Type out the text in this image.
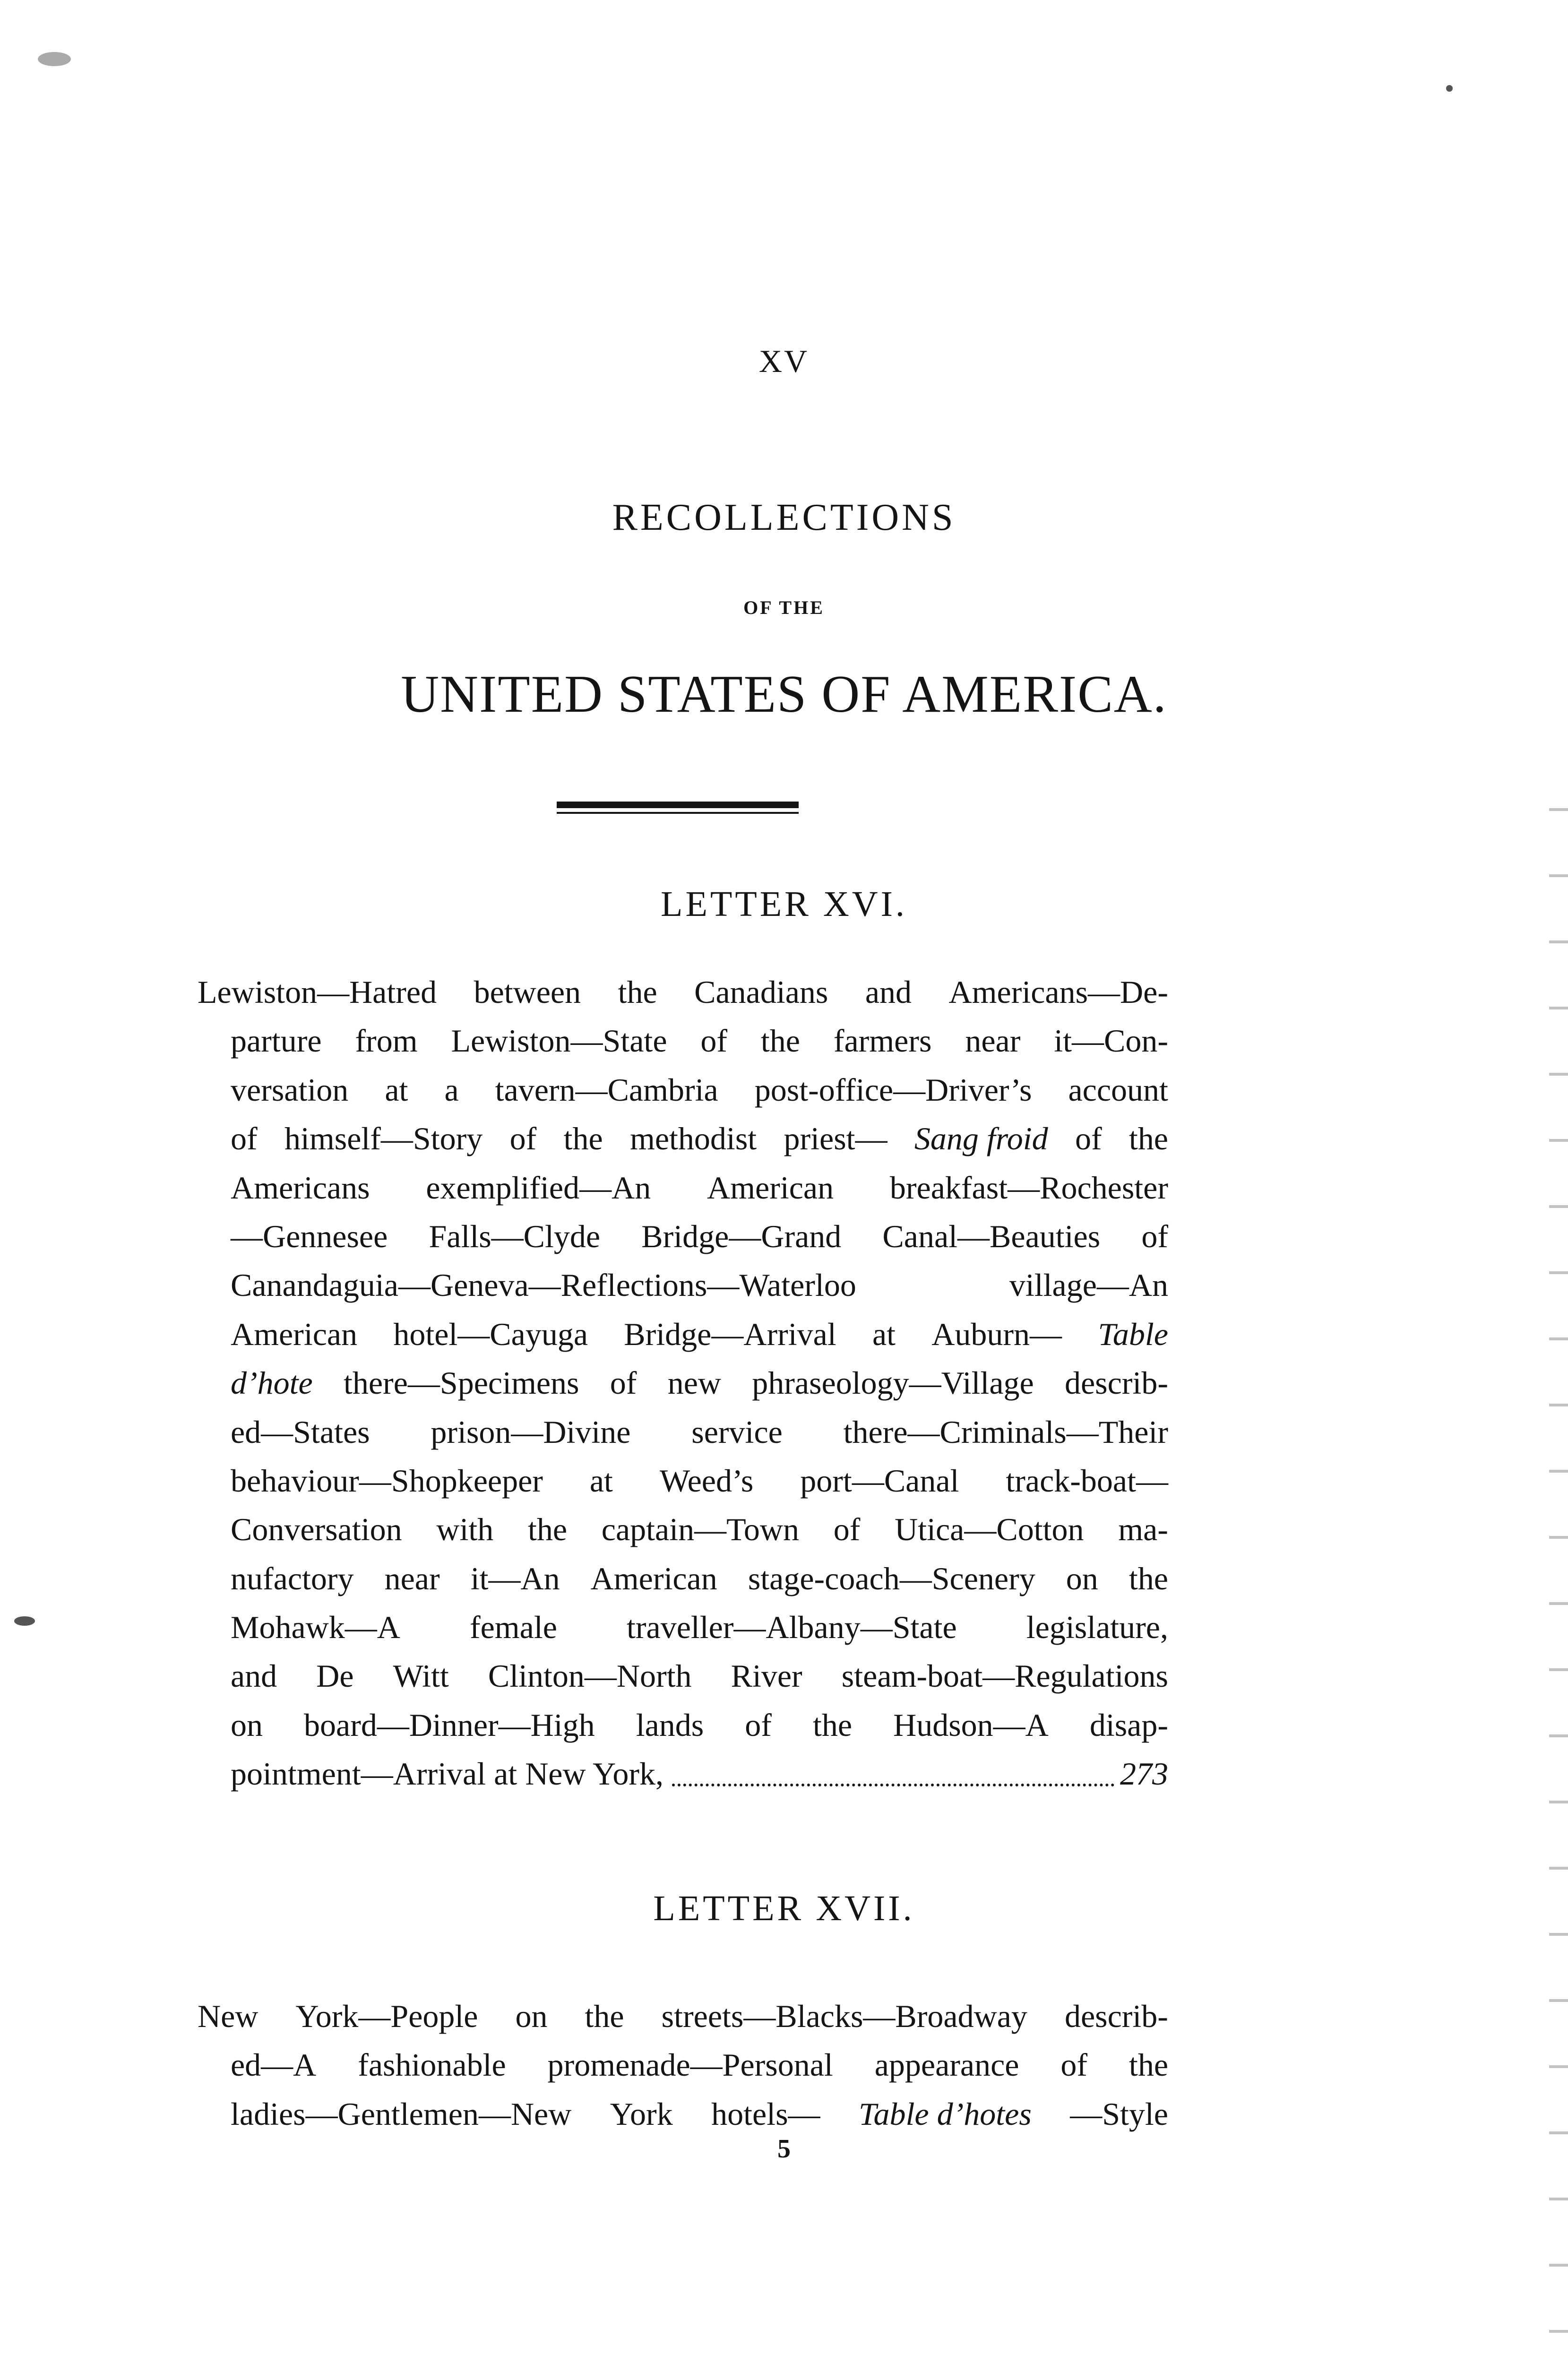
XV
RECOLLECTIONS
OF THE
UNITED STATES OF AMERICA.
LETTER XVI.
Lewiston—Hatred between the Canadians and Americans—De-
parture from Lewiston—State of the farmers near it—Con-
versation at a tavern—Cambria post-office—Driver’s account
of himself—Story of the methodist priest— Sang froid of the
Americans exemplified—An American breakfast—Rochester
—Gennesee Falls—Clyde Bridge—Grand Canal—Beauties of
Canandaguia—Geneva—Reflections—Waterloo	village—An
American hotel—Cayuga Bridge—Arrival at Auburn— Table
d’hote there—Specimens of new phraseology—Village describ-
ed—States prison—Divine service there—Criminals—Their
behaviour—Shopkeeper at Weed’s port—Canal track-boat—
Conversation with the captain—Town of Utica—Cotton ma-
nufactory near it—An American stage-coach—Scenery on the
Mohawk—A female traveller—Albany—State legislature,
and De Witt Clinton—North River steam-boat—Regulations
on board—Dinner—High lands of the Hudson—A disap-
pointment—Arrival at New York,	273
LETTER XVII.
New York—People on the streets—Blacks—Broadway describ-
ed—A fashionable promenade—Personal appearance of the
ladies—Gentlemen—New York hotels— Table d’hotes —Style
5
